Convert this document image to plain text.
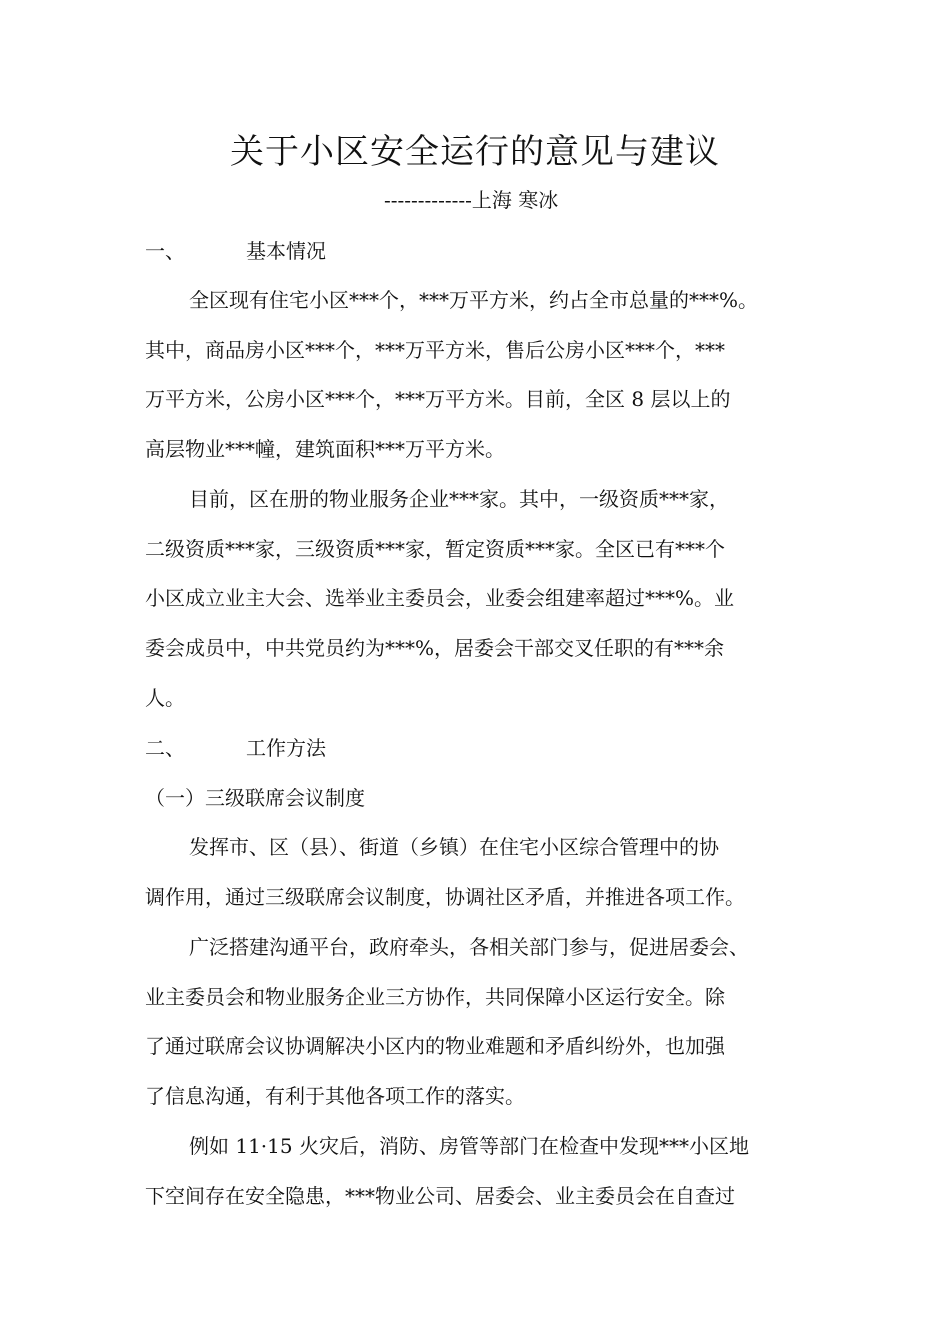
关于小区安全运行的意见与建议
-------------上海 寒冰
一、	基本情况
全区现有住宅小区***个，***万平方米，约占全市总量的***%。
其中，商品房小区***个，***万平方米，售后公房小区***个，***
万平方米，公房小区***个，***万平方米。目前，全区 8 层以上的
高层物业***幢，建筑面积***万平方米。
目前，区在册的物业服务企业***家。其中，一级资质***家，
二级资质***家，三级资质***家，暂定资质***家。全区已有***个
小区成立业主大会、选举业主委员会，业委会组建率超过***%。业
委会成员中，中共党员约为***%，居委会干部交叉任职的有***余
人。
二、	工作方法
（一）三级联席会议制度
发挥市、区（县）、街道（乡镇）在住宅小区综合管理中的协
调作用，通过三级联席会议制度，协调社区矛盾，并推进各项工作。
广泛搭建沟通平台，政府牵头，各相关部门参与，促进居委会、
业主委员会和物业服务企业三方协作，共同保障小区运行安全。除
了通过联席会议协调解决小区内的物业难题和矛盾纠纷外，也加强
了信息沟通，有利于其他各项工作的落实。
例如 11·15 火灾后，消防、房管等部门在检查中发现***小区地
下空间存在安全隐患，***物业公司、居委会、业主委员会在自查过
